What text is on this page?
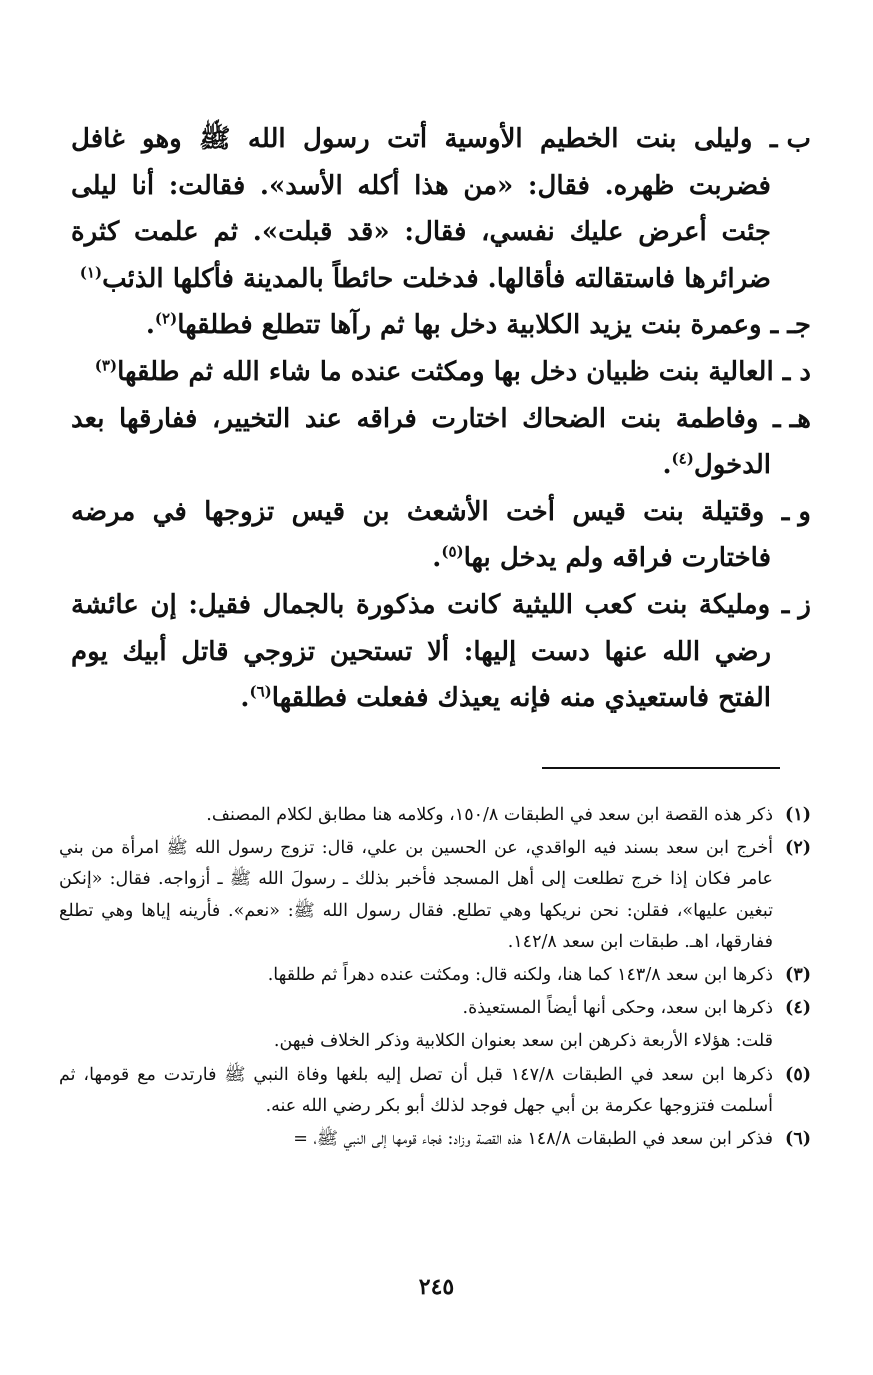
ب ـ وليلى بنت الخطيم الأوسية أتت رسول الله ﷺ وهو غافل فضربت ظهره. فقال: «من هذا أكله الأسد». فقالت: أنا ليلى جئت أعرض عليك نفسي، فقال: «قد قبلت». ثم علمت كثرة ضرائرها فاستقالته فأقالها. فدخلت حائطاً بالمدينة فأكلها الذئب$^{(١)}$

جـ ـ وعمرة بنت يزيد الكلابية دخل بها ثم رآها تتطلع فطلقها$^{(٢)}$.

د ـ العالية بنت ظبيان دخل بها ومكثت عنده ما شاء الله ثم طلقها$^{(٣)}$

هـ ـ وفاطمة بنت الضحاك اختارت فراقه عند التخيير، ففارقها بعد الدخول$^{(٤)}$.

و ـ وقتيلة بنت قيس أخت الأشعث بن قيس تزوجها في مرضه فاختارت فراقه ولم يدخل بها$^{(٥)}$.

ز ـ ومليكة بنت كعب الليثية كانت مذكورة بالجمال فقيل: إن عائشة رضي الله عنها دست إليها: ألا تستحين تزوجي قاتل أبيك يوم الفتح فاستعيذي منه فإنه يعيذك ففعلت فطلقها$^{(٦)}$.

(١)ذكر هذه القصة ابن سعد في الطبقات ١٥٠/٨، وكلامه هنا مطابق لكلام المصنف.

(٢)أخرج ابن سعد بسند فيه الواقدي، عن الحسين بن علي، قال: تزوج رسول الله ﷺ امرأة من بني عامر فكان إذا خرج تطلعت إلى أهل المسجد فأخبر بذلك ـ رسولَ الله ﷺ ـ أزواجه. فقال: «إنكن تبغين عليها»، فقلن: نحن نريكها وهي تطلع. فقال رسول الله ﷺ: «نعم». فأرينه إياها وهي تطلع ففارقها، اهـ. طبقات ابن سعد ١٤٢/٨.

(٣)ذكرها ابن سعد ١٤٣/٨ كما هنا، ولكنه قال: ومكثت عنده دهراً ثم طلقها.

(٤)ذكرها ابن سعد، وحكى أنها أيضاً المستعيذة.

قلت: هؤلاء الأربعة ذكرهن ابن سعد بعنوان الكلابية وذكر الخلاف فيهن.

(٥)ذكرها ابن سعد في الطبقات ١٤٧/٨ قبل أن تصل إليه بلغها وفاة النبي ﷺ فارتدت مع قومها، ثم أسلمت فتزوجها عكرمة بن أبي جهل فوجد لذلك أبو بكر رضي الله عنه.

(٦)فذكر ابن سعد في الطبقات ١٤٨/٨ هذه القصة وزاد: فجاء قومها إلى النبي ﷺ، =

٢٤٥
